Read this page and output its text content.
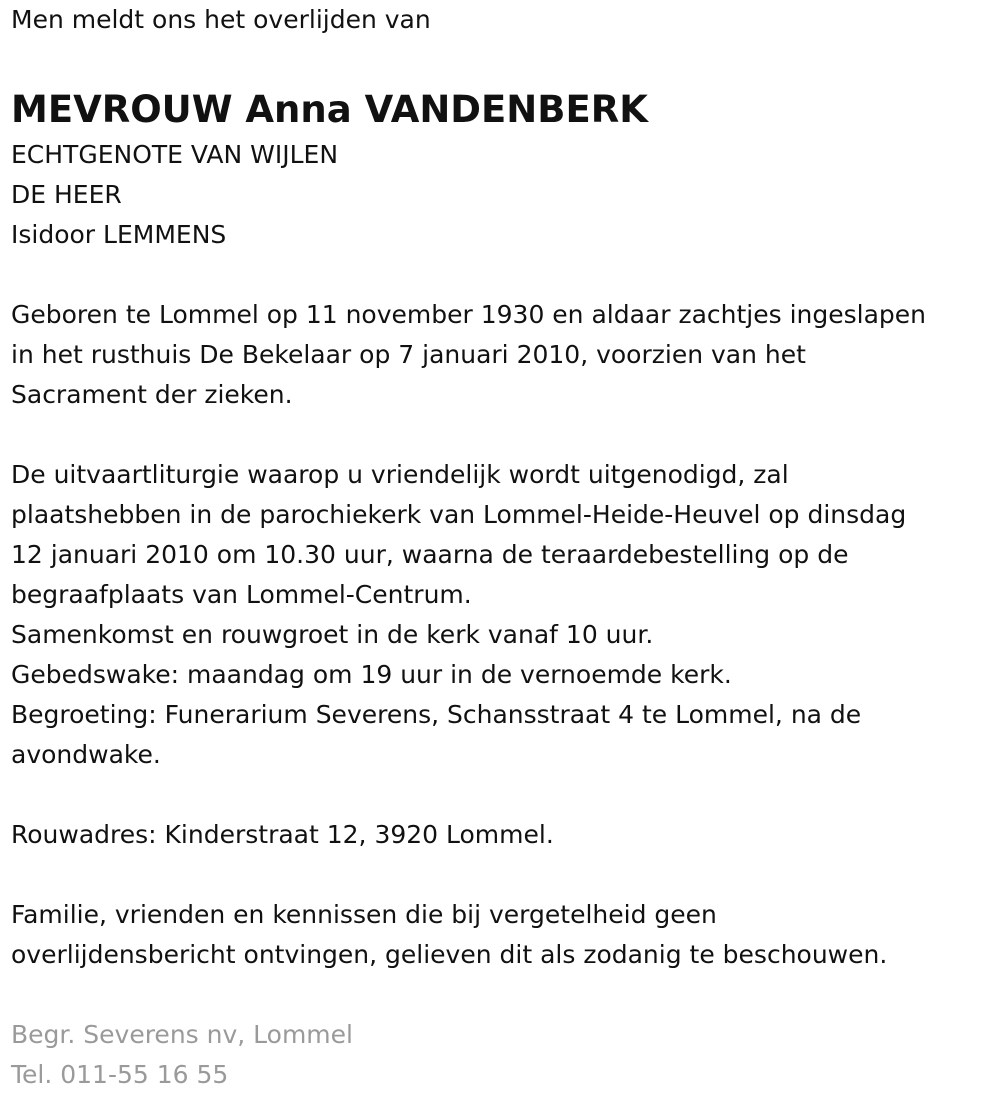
Men meldt ons het overlijden van
MEVROUW Anna VANDENBERK
ECHTGENOTE VAN WIJLEN
DE HEER
Isidoor LEMMENS
Geboren te Lommel op 11 november 1930 en aldaar zachtjes ingeslapen
in het rusthuis De Bekelaar op 7 januari 2010, voorzien van het
Sacrament der zieken.
De uitvaartliturgie waarop u vriendelijk wordt uitgenodigd, zal
plaatshebben in de parochiekerk van Lommel-Heide-Heuvel op dinsdag
12 januari 2010 om 10.30 uur, waarna de teraardebestelling op de
begraafplaats van Lommel-Centrum.
Samenkomst en rouwgroet in de kerk vanaf 10 uur.
Gebedswake: maandag om 19 uur in de vernoemde kerk.
Begroeting: Funerarium Severens, Schansstraat 4 te Lommel, na de
avondwake.
Rouwadres: Kinderstraat 12, 3920 Lommel.
Familie, vrienden en kennissen die bij vergetelheid geen
overlijdensbericht ontvingen, gelieven dit als zodanig te beschouwen.
Begr. Severens nv, Lommel
Tel. 011-55 16 55
